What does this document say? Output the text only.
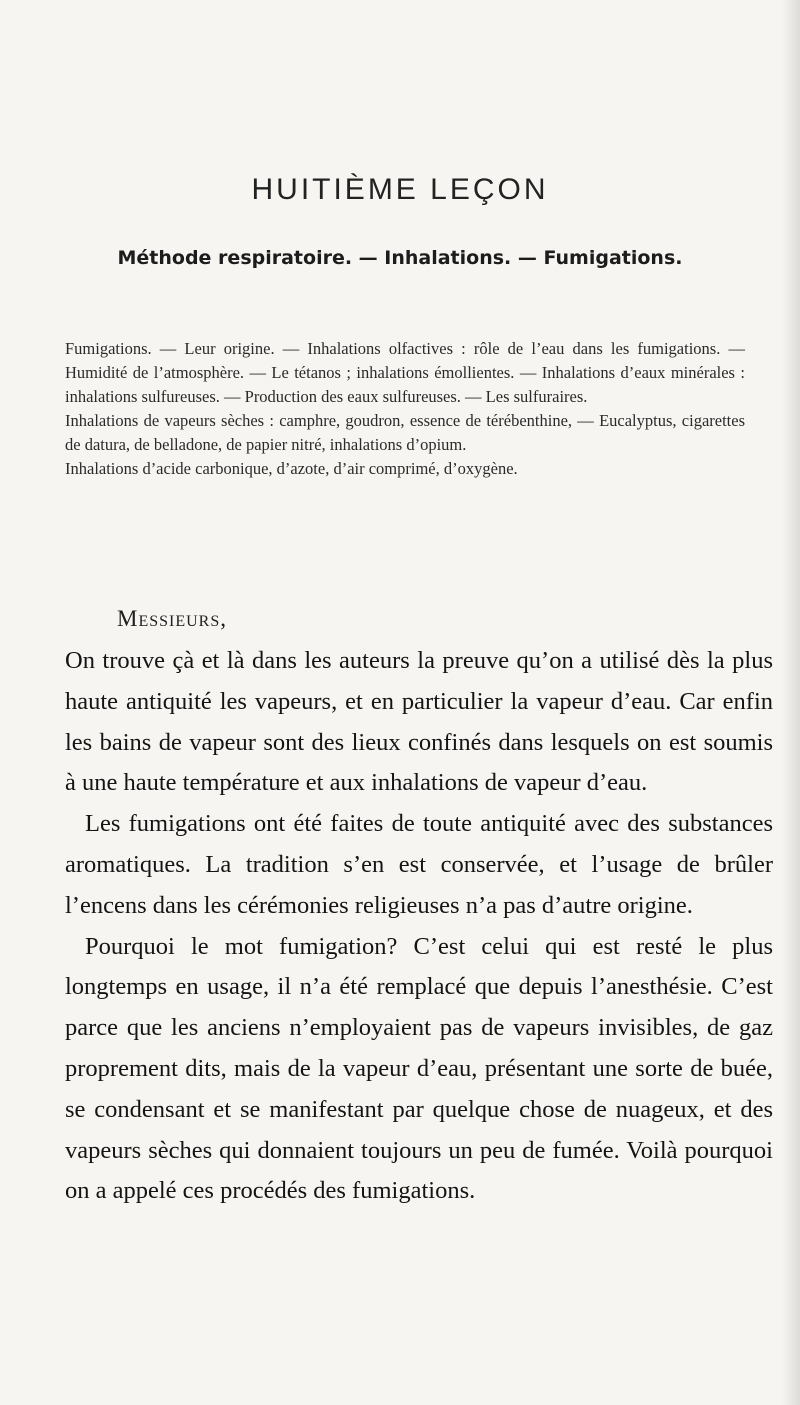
HUITIÈME LEÇON
Méthode respiratoire. — Inhalations. — Fumigations.

Fumigations. — Leur origine. — Inhalations olfactives : rôle de l’eau dans les fumigations. — Humidité de l’atmosphère. — Le tétanos ; inhalations émollientes. — Inhalations d’eaux minérales : inhalations sulfureuses. — Production des eaux sulfureuses. — Les sulfuraires.

Inhalations de vapeurs sèches : camphre, goudron, essence de térébenthine, — Eucalyptus, cigarettes de datura, de belladone, de papier nitré, inhalations d’opium.

Inhalations d’acide carbonique, d’azote, d’air comprimé, d’oxygène.

Messieurs,

On trouve çà et là dans les auteurs la preuve qu’on a utilisé dès la plus haute antiquité les vapeurs, et en particulier la vapeur d’eau. Car enfin les bains de vapeur sont des lieux confinés dans lesquels on est soumis à une haute température et aux inhalations de vapeur d’eau.

Les fumigations ont été faites de toute antiquité avec des substances aromatiques. La tradition s’en est conservée, et l’usage de brûler l’encens dans les cérémonies religieuses n’a pas d’autre origine.

Pourquoi le mot fumigation? C’est celui qui est resté le plus longtemps en usage, il n’a été remplacé que depuis l’anesthésie. C’est parce que les anciens n’employaient pas de vapeurs invisibles, de gaz proprement dits, mais de la vapeur d’eau, présentant une sorte de buée, se condensant et se manifestant par quelque chose de nuageux, et des vapeurs sèches qui donnaient toujours un peu de fumée. Voilà pourquoi on a appelé ces procédés des fumigations.
